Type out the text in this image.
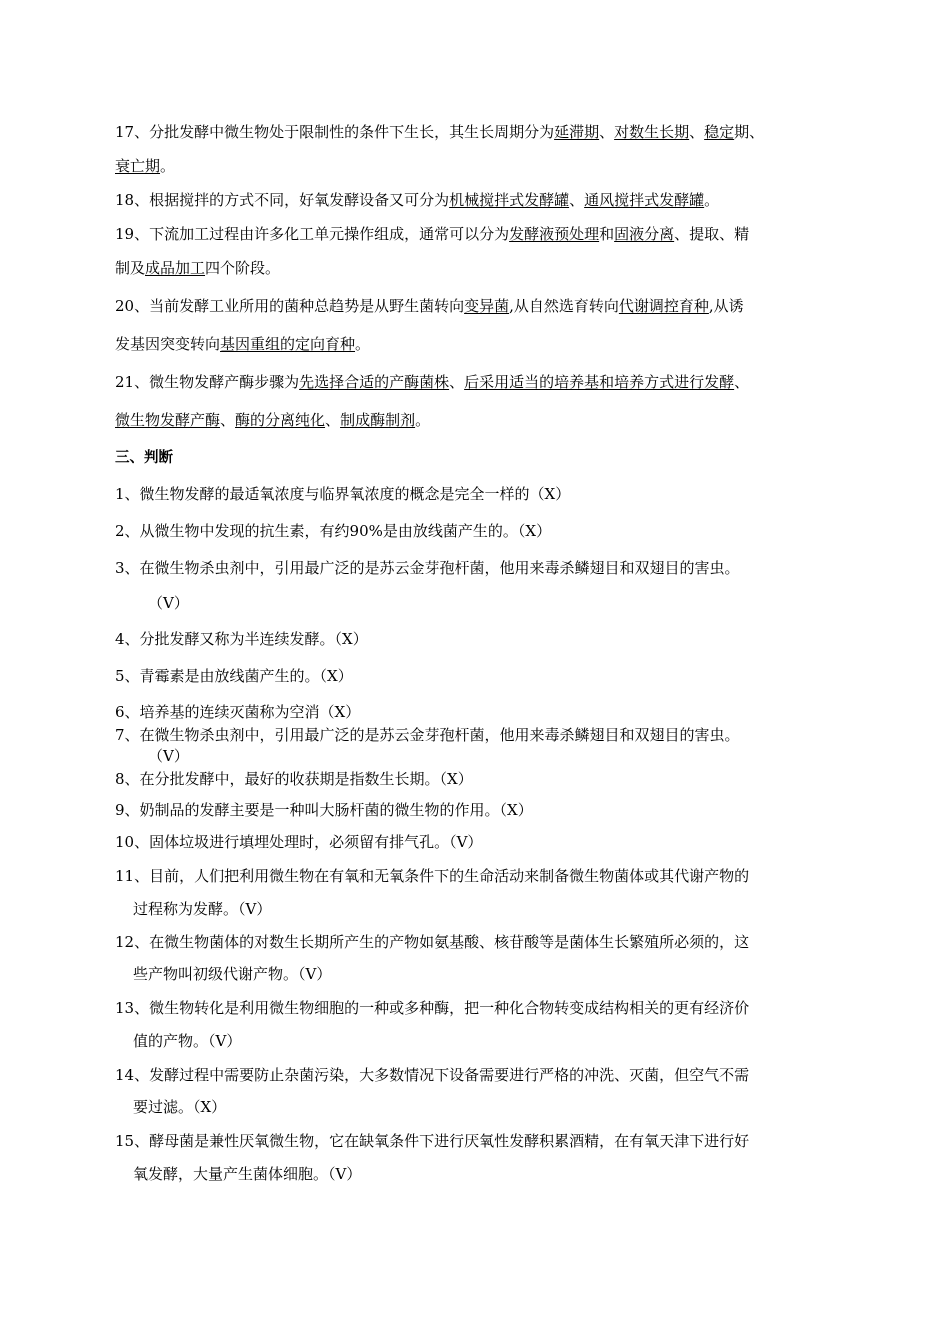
17、分批发酵中微生物处于限制性的条件下生长，其生长周期分为延滞期、对数生长期、稳定期、
衰亡期。
18、根据搅拌的方式不同，好氧发酵设备又可分为机械搅拌式发酵罐、通风搅拌式发酵罐。
19、下流加工过程由许多化工单元操作组成，通常可以分为发酵液预处理和固液分离、提取、精
制及成品加工四个阶段。
20、当前发酵工业所用的菌种总趋势是从野生菌转向变异菌,从自然选育转向代谢调控育种,从诱
发基因突变转向基因重组的定向育种。
21、微生物发酵产酶步骤为先选择合适的产酶菌株、后采用适当的培养基和培养方式进行发酵、
微生物发酵产酶、酶的分离纯化、制成酶制剂。
三、判断
1、微生物发酵的最适氧浓度与临界氧浓度的概念是完全一样的（X）
2、从微生物中发现的抗生素，有约90%是由放线菌产生的。（X）
3、在微生物杀虫剂中，引用最广泛的是苏云金芽孢杆菌，他用来毒杀鳞翅目和双翅目的害虫。
（V）
4、分批发酵又称为半连续发酵。（X）
5、青霉素是由放线菌产生的。（X）
6、培养基的连续灭菌称为空消（X）
7、在微生物杀虫剂中，引用最广泛的是苏云金芽孢杆菌，他用来毒杀鳞翅目和双翅目的害虫。
（V）
8、在分批发酵中，最好的收获期是指数生长期。（X）
9、奶制品的发酵主要是一种叫大肠杆菌的微生物的作用。（X）
10、固体垃圾进行填埋处理时，必须留有排气孔。（V）
11、目前，人们把利用微生物在有氧和无氧条件下的生命活动来制备微生物菌体或其代谢产物的
过程称为发酵。（V）
12、在微生物菌体的对数生长期所产生的产物如氨基酸、核苷酸等是菌体生长繁殖所必须的，这
些产物叫初级代谢产物。（V）
13、微生物转化是利用微生物细胞的一种或多种酶，把一种化合物转变成结构相关的更有经济价
值的产物。（V）
14、发酵过程中需要防止杂菌污染，大多数情况下设备需要进行严格的冲洗、灭菌，但空气不需
要过滤。（X）
15、酵母菌是兼性厌氧微生物，它在缺氧条件下进行厌氧性发酵积累酒精，在有氧天津下进行好
氧发酵，大量产生菌体细胞。（V）
